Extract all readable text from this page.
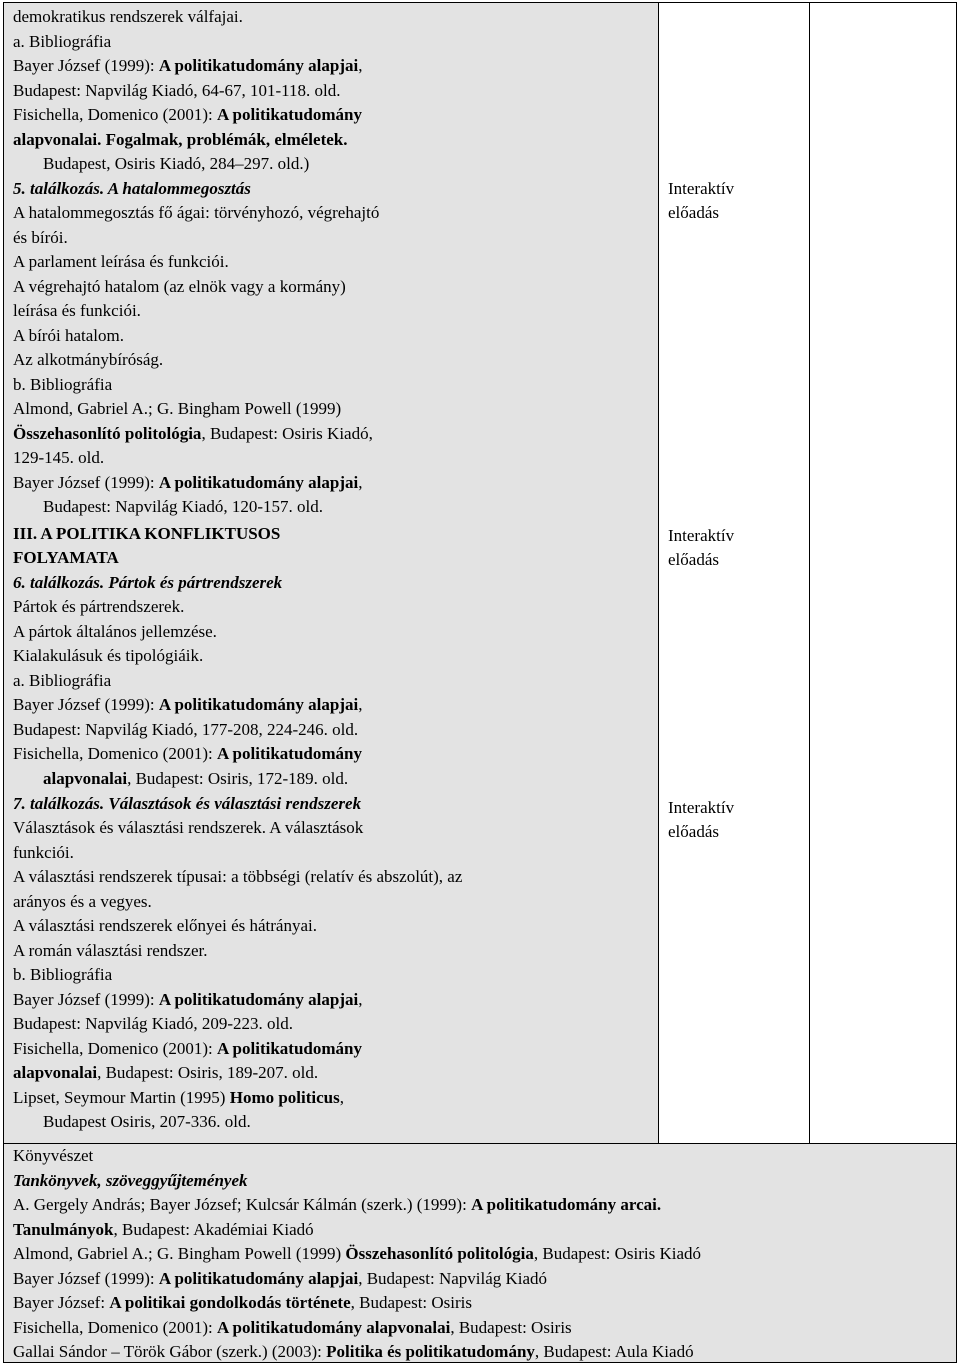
demokratikus rendszerek válfajai.
a. Bibliográfia
Bayer József (1999): A politikatudomány alapjai,
Budapest: Napvilág Kiadó, 64-67, 101-118. old.
Fisichella, Domenico (2001): A politikatudomány
alapvonalai. Fogalmak, problémák, elméletek.
Budapest, Osiris Kiadó, 284–297. old.)
5. találkozás. A hatalommegosztás
A hatalommegosztás fő ágai: törvényhozó, végrehajtó
és bírói.
A parlament leírása és funkciói.
A végrehajtó hatalom (az elnök vagy a kormány)
leírása és funkciói.
A bírói hatalom.
Az alkotmánybíróság.
b. Bibliográfia
Almond, Gabriel A.; G. Bingham Powell (1999)
Összehasonlító politológia, Budapest: Osiris Kiadó,
129-145. old.
Bayer József (1999): A politikatudomány alapjai,
Budapest: Napvilág Kiadó, 120-157. old.
III. A POLITIKA KONFLIKTUSOS
FOLYAMATA
6. találkozás. Pártok és pártrendszerek
Pártok és pártrendszerek.
A pártok általános jellemzése.
Kialakulásuk és tipológiáik.
a. Bibliográfia
Bayer József (1999): A politikatudomány alapjai,
Budapest: Napvilág Kiadó, 177-208, 224-246. old.
Fisichella, Domenico (2001): A politikatudomány
alapvonalai, Budapest: Osiris, 172-189. old.
7. találkozás. Választások és választási rendszerek
Választások és választási rendszerek. A választások
funkciói.
A választási rendszerek típusai: a többségi (relatív és abszolút), az
arányos és a vegyes.
A választási rendszerek előnyei és hátrányai.
A román választási rendszer.
b. Bibliográfia
Bayer József (1999): A politikatudomány alapjai,
Budapest: Napvilág Kiadó, 209-223. old.
Fisichella, Domenico (2001): A politikatudomány
alapvonalai, Budapest: Osiris, 189-207. old.
Lipset, Seymour Martin (1995) Homo politicus,
Budapest Osiris, 207-336. old.
Interaktív
előadás
Interaktív
előadás
Interaktív
előadás
Könyvészet
Tankönyvek, szöveggyűjtemények
A. Gergely András; Bayer József; Kulcsár Kálmán (szerk.) (1999): A politikatudomány arcai.
Tanulmányok, Budapest: Akadémiai Kiadó
Almond, Gabriel A.; G. Bingham Powell (1999) Összehasonlító politológia, Budapest: Osiris Kiadó
Bayer József (1999): A politikatudomány alapjai, Budapest: Napvilág Kiadó
Bayer József: A politikai gondolkodás története, Budapest: Osiris
Fisichella, Domenico (2001): A politikatudomány alapvonalai, Budapest: Osiris
Gallai Sándor – Török Gábor (szerk.) (2003): Politika és politikatudomány, Budapest: Aula Kiadó
